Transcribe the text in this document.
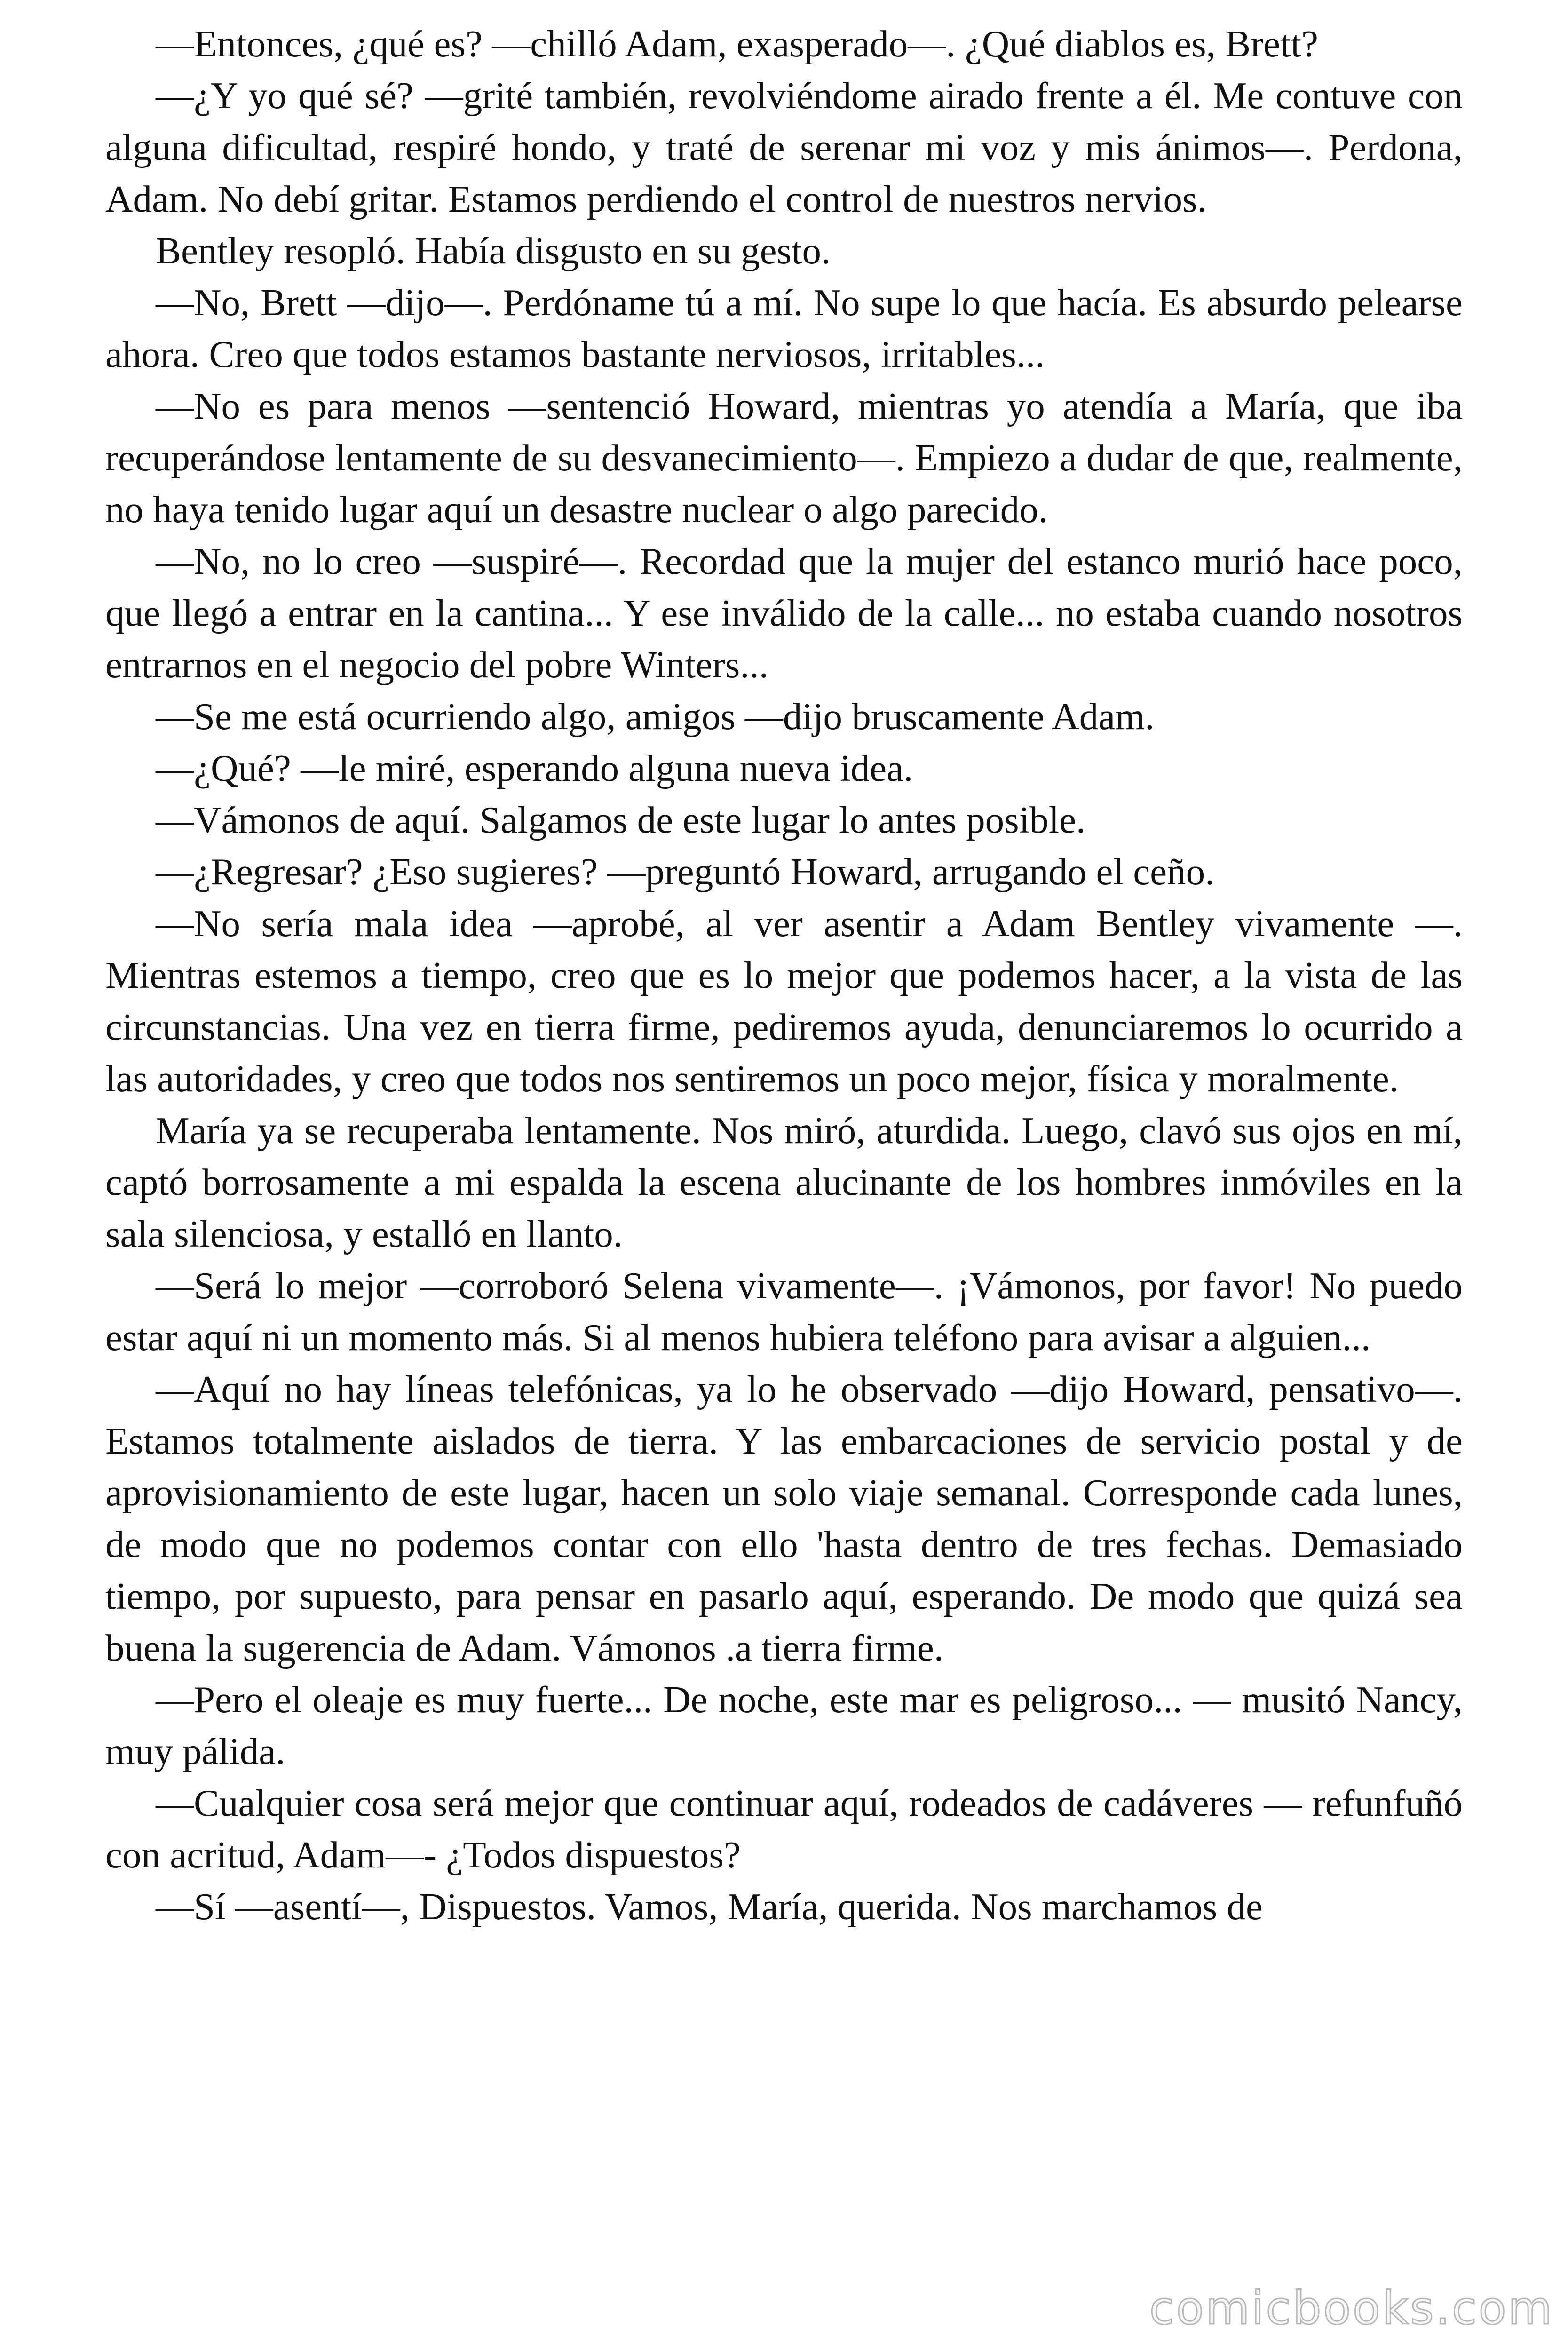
—Entonces, ¿qué es? —chilló Adam, exasperado—. ¿Qué diablos es, Brett?

—¿Y yo qué sé? —grité también, revolviéndome airado frente a él. Me contuve con alguna dificultad, respiré hondo, y traté de serenar mi voz y mis ánimos—. Perdona, Adam. No debí gritar. Estamos perdiendo el control de nuestros nervios.

Bentley resopló. Había disgusto en su gesto.

—No, Brett —dijo—. Perdóname tú a mí. No supe lo que hacía. Es absurdo pelearse ahora. Creo que todos estamos bastante nerviosos, irritables...

—No es para menos —sentenció Howard, mientras yo atendía a María, que iba recuperándose lentamente de su desvanecimiento—. Empiezo a dudar de que, realmente, no haya tenido lugar aquí un desastre nuclear o algo parecido.

—No, no lo creo —suspiré—. Recordad que la mujer del estanco murió hace poco, que llegó a entrar en la cantina... Y ese inválido de la calle... no estaba cuando nosotros entrarnos en el negocio del pobre Winters...

—Se me está ocurriendo algo, amigos —dijo bruscamente Adam.

—¿Qué? —le miré, esperando alguna nueva idea.

—Vámonos de aquí. Salgamos de este lugar lo antes posible.

—¿Regresar? ¿Eso sugieres? —preguntó Howard, arrugando el ceño.

—No sería mala idea —aprobé, al ver asentir a Adam Bentley vivamente —. Mientras estemos a tiempo, creo que es lo mejor que podemos hacer, a la vista de las circunstancias. Una vez en tierra firme, pediremos ayuda, denunciaremos lo ocurrido a las autoridades, y creo que todos nos sentiremos un poco mejor, física y moralmente.

María ya se recuperaba lentamente. Nos miró, aturdida. Luego, clavó sus ojos en mí, captó borrosamente a mi espalda la escena alucinante de los hombres inmóviles en la sala silenciosa, y estalló en llanto.

—Será lo mejor —corroboró Selena vivamente—. ¡Vámonos, por favor! No puedo estar aquí ni un momento más. Si al menos hubiera teléfono para avisar a alguien...

—Aquí no hay líneas telefónicas, ya lo he observado —dijo Howard, pensativo—. Estamos totalmente aislados de tierra. Y las embarcaciones de servicio postal y de aprovisionamiento de este lugar, hacen un solo viaje semanal. Corresponde cada lunes, de modo que no podemos contar con ello 'hasta dentro de tres fechas. Demasiado tiempo, por supuesto, para pensar en pasarlo aquí, esperando. De modo que quizá sea buena la sugerencia de Adam. Vámonos .a tierra firme.

—Pero el oleaje es muy fuerte... De noche, este mar es peligroso... — musitó Nancy, muy pálida.

—Cualquier cosa será mejor que continuar aquí, rodeados de cadáveres — refunfuñó con acritud, Adam—- ¿Todos dispuestos?

—Sí —asentí—, Dispuestos. Vamos, María, querida. Nos marchamos de

comicbooks.com
